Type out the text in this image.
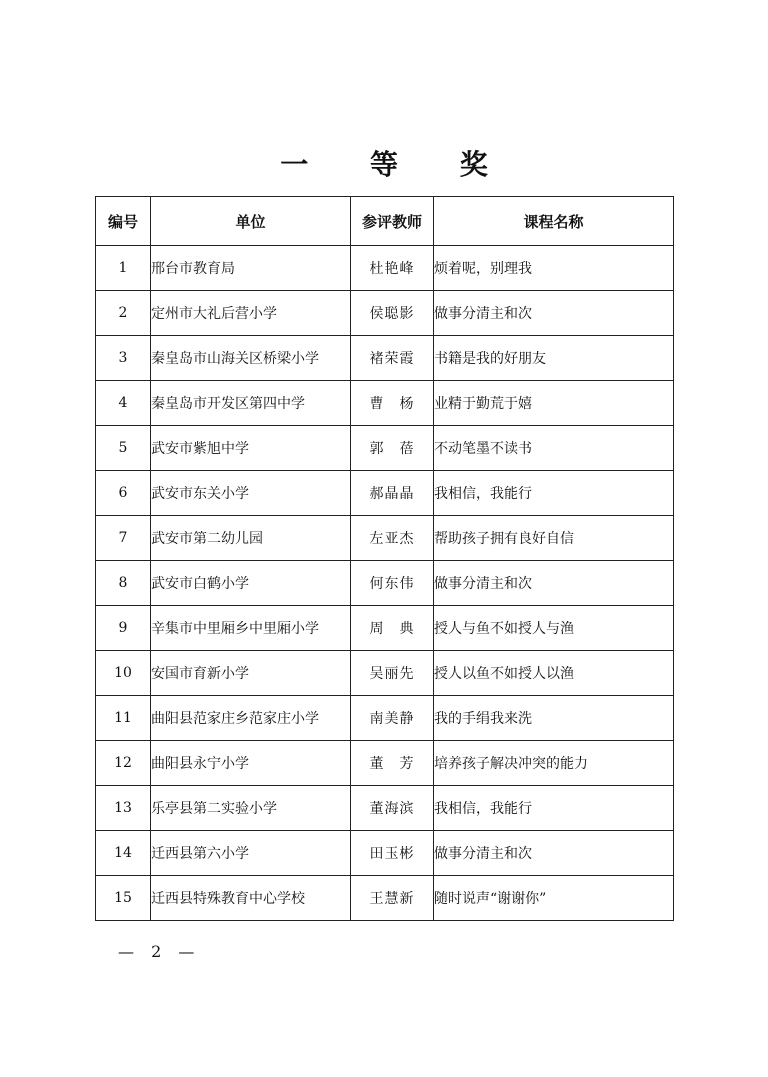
一 等 奖
编号	单位	参评教师	课程名称
1	邢台市教育局	杜艳峰	烦着呢，别理我
2	定州市大礼后营小学	侯聪影	做事分清主和次
3	秦皇岛市山海关区桥梁小学	褚荣霞	书籍是我的好朋友
4	秦皇岛市开发区第四中学	曹　杨	业精于勤荒于嬉
5	武安市紫旭中学	郭　蓓	不动笔墨不读书
6	武安市东关小学	郝晶晶	我相信，我能行
7	武安市第二幼儿园	左亚杰	帮助孩子拥有良好自信
8	武安市白鹤小学	何东伟	做事分清主和次
9	辛集市中里厢乡中里厢小学	周　典	授人与鱼不如授人与渔
10	安国市育新小学	吴丽先	授人以鱼不如授人以渔
11	曲阳县范家庄乡范家庄小学	南美静	我的手绢我来洗
12	曲阳县永宁小学	董　芳	培养孩子解决冲突的能力
13	乐亭县第二实验小学	董海滨	我相信，我能行
14	迁西县第六小学	田玉彬	做事分清主和次
15	迁西县特殊教育中心学校	王慧新	随时说声“谢谢你”
— 2 —
